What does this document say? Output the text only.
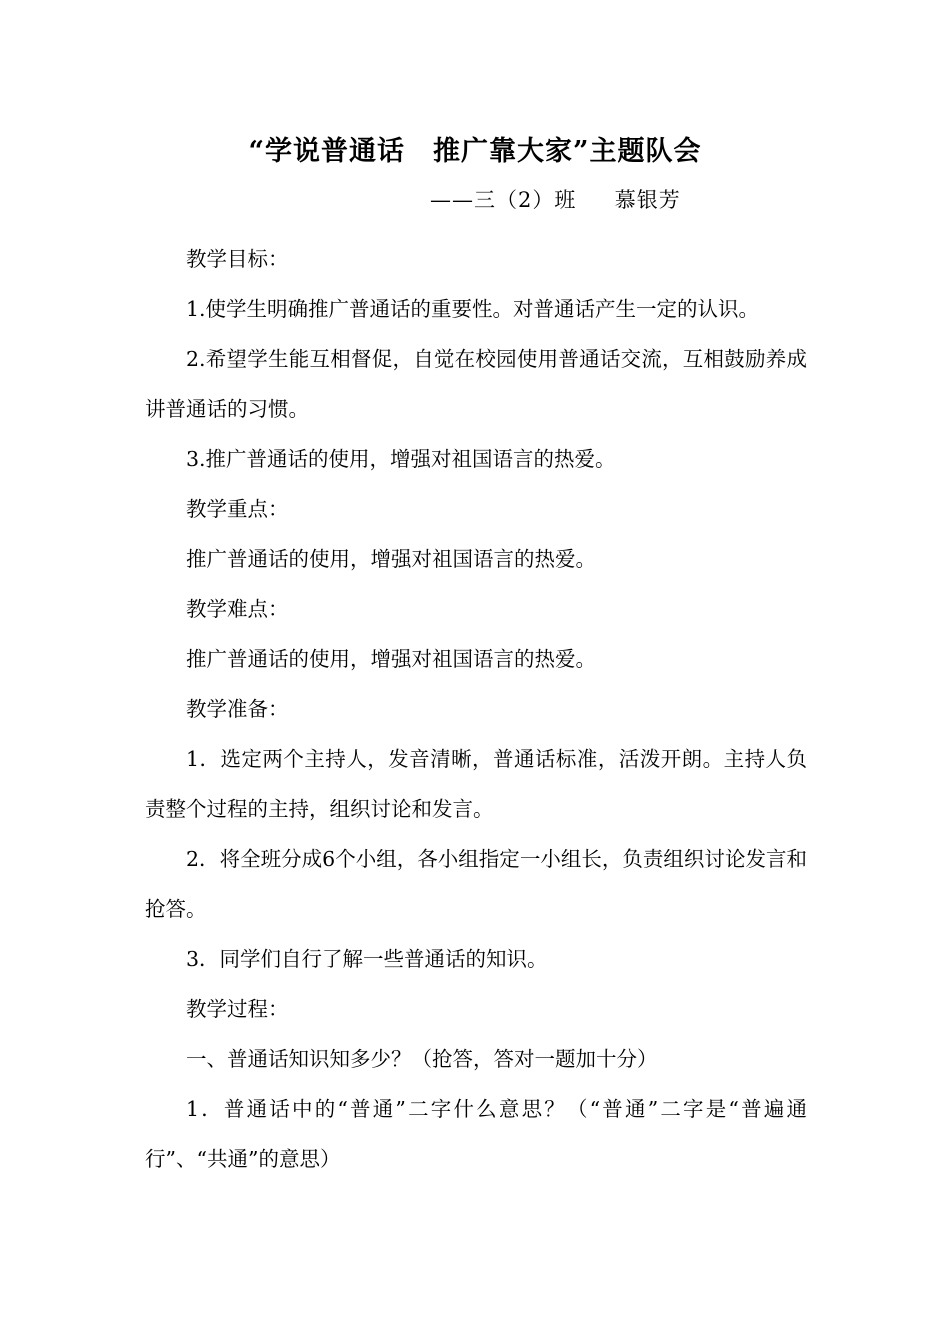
“学说普通话　推广靠大家”主题队会
——三（2）班     慕银芳

教学目标：

1.使学生明确推广普通话的重要性。对普通话产生一定的认识。

2.希望学生能互相督促，自觉在校园使用普通话交流，互相鼓励养成讲普通话的习惯。

3.推广普通话的使用，增强对祖国语言的热爱。

教学重点：

推广普通话的使用，增强对祖国语言的热爱。

教学难点：

推广普通话的使用，增强对祖国语言的热爱。

教学准备：

1．选定两个主持人，发音清晰，普通话标准，活泼开朗。主持人负责整个过程的主持，组织讨论和发言。

2．将全班分成6个小组，各小组指定一小组长，负责组织讨论发言和抢答。

3．同学们自行了解一些普通话的知识。

教学过程：

一、普通话知识知多少？（抢答，答对一题加十分）

1．普通话中的“普通”二字什么意思？（“普通”二字是“普遍通行”、“共通”的意思）
